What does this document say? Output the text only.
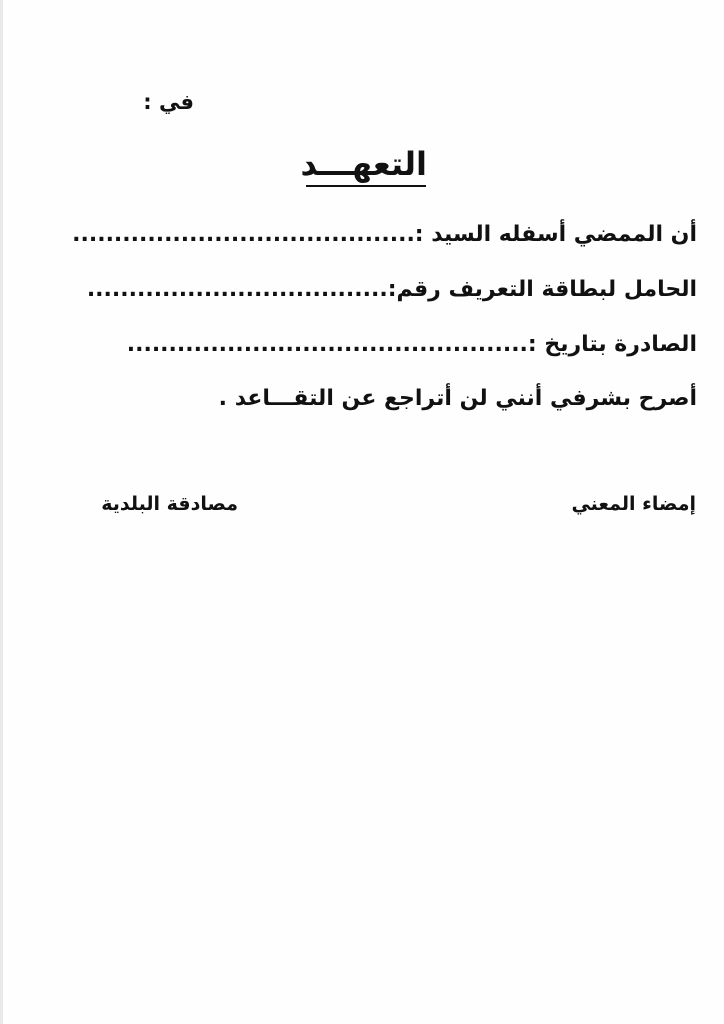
في :
التعهـــد
أن الممضي أسفله السيد :.........................................
الحامل لبطاقة التعريف رقم:....................................
الصادرة بتاريخ :................................................
أصرح بشرفي أنني لن أتراجع عن التقـــاعد .
إمضاء المعني
مصادقة البلدية
